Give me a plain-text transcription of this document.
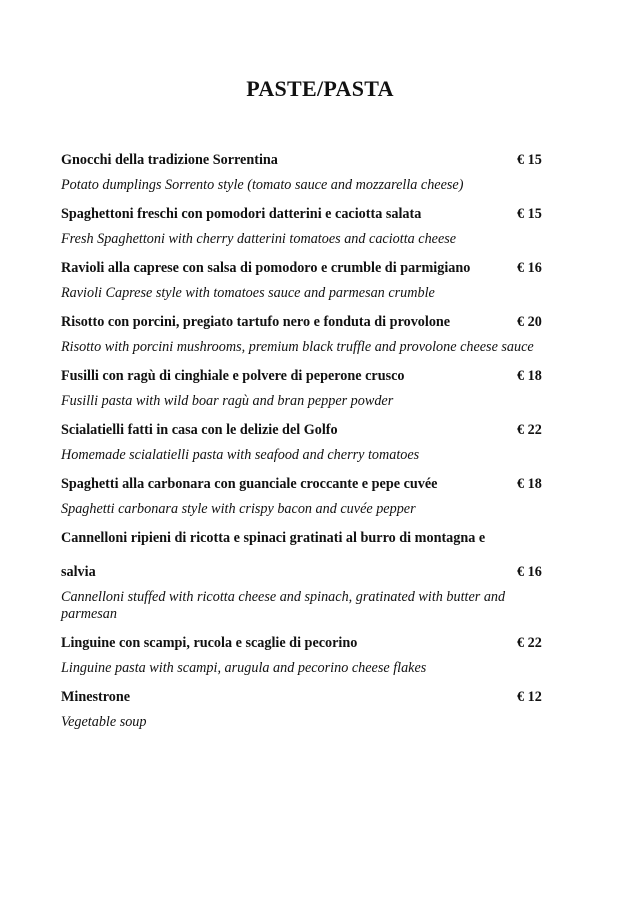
PASTE/PASTA
Gnocchi della tradizione Sorrentina	€ 15
Potato dumplings Sorrento style (tomato sauce and mozzarella cheese)
Spaghettoni freschi con pomodori datterini e caciotta salata	€ 15
Fresh Spaghettoni with cherry datterini tomatoes and caciotta cheese
Ravioli alla caprese con salsa di pomodoro e crumble di parmigiano	€ 16
Ravioli Caprese style with tomatoes sauce and parmesan crumble
Risotto con porcini, pregiato tartufo nero e fonduta di provolone	€ 20
Risotto with porcini mushrooms, premium black truffle and provolone cheese sauce
Fusilli con ragù di cinghiale e polvere di peperone crusco	€ 18
Fusilli pasta with wild boar ragù and bran pepper powder
Scialatielli fatti in casa con le delizie del Golfo	€ 22
Homemade scialatielli pasta with seafood and cherry tomatoes
Spaghetti alla carbonara con guanciale croccante e pepe cuvée	€ 18
Spaghetti carbonara style with crispy bacon and cuvée pepper
Cannelloni ripieni di ricotta e spinaci gratinati al burro di montagna e
salvia	€ 16
Cannelloni stuffed with ricotta cheese and spinach, gratinated with butter and parmesan
Linguine con scampi, rucola e scaglie di pecorino	€ 22
Linguine pasta with scampi, arugula and pecorino cheese flakes
Minestrone	€ 12
Vegetable soup
